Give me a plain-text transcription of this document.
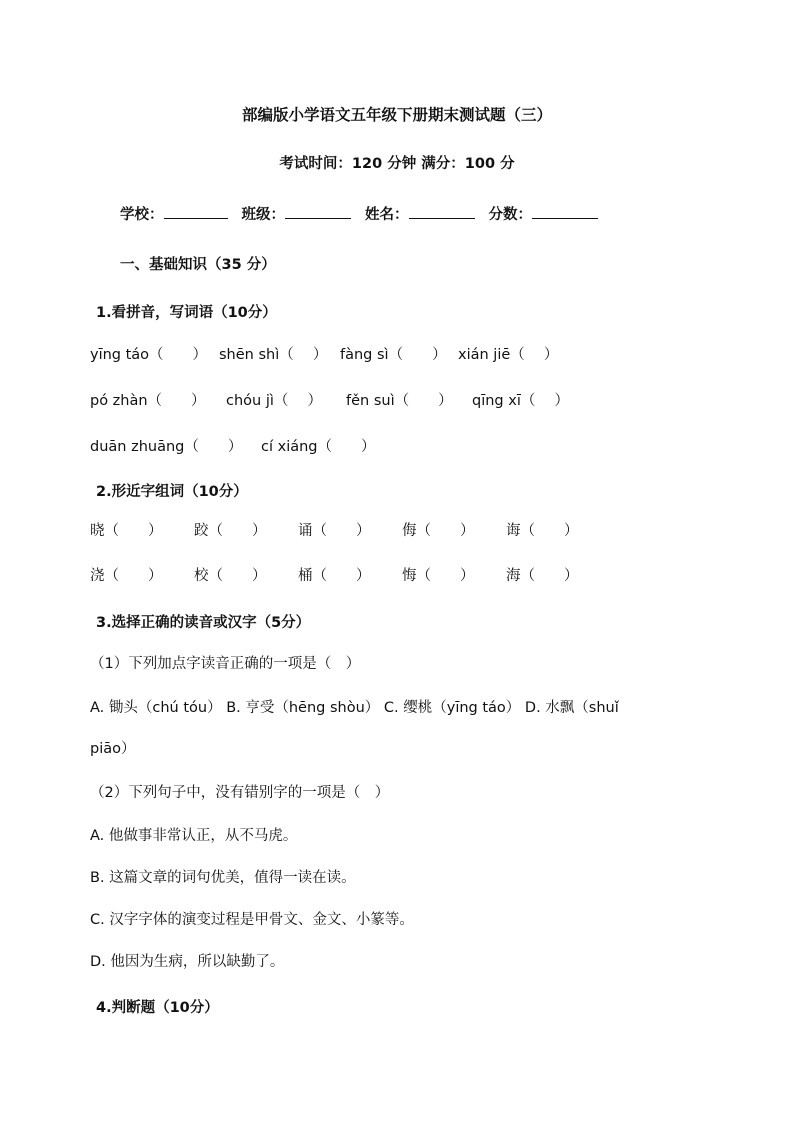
部编版小学语文五年级下册期末测试题（三）
考试时间：120 分钟 满分：100 分
学校：	班级：	姓名：	分数：
一、基础知识（35 分）
1.看拼音，写词语（10分）
yīng táo（　　） shēn shì（　 ） fàng sì（　　） xián jiē（　 ）
pó zhàn（　　） chóu jì（　 ） fěn suì（　　） qīng xī（　 ）
duān zhuāng（　　） cí xiáng（　　）
2.形近字组词（10分）
晓（　　） 跤（　　） 诵（　　） 侮（　　） 诲（　　）
浇（　　） 校（　　） 桶（　　） 悔（　　） 海（　　）
3.选择正确的读音或汉字（5分）
（1）下列加点字读音正确的一项是（　）
A. 锄头（chú tóu） B. 亨受（hēng shòu） C. 缨桃（yīng táo） D. 水飘（shuǐ
piāo）
（2）下列句子中，没有错别字的一项是（　）
A. 他做事非常认正，从不马虎。
B. 这篇文章的词句优美，值得一读在读。
C. 汉字字体的演变过程是甲骨文、金文、小篆等。
D. 他因为生病，所以缺勤了。
4.判断题（10分）
